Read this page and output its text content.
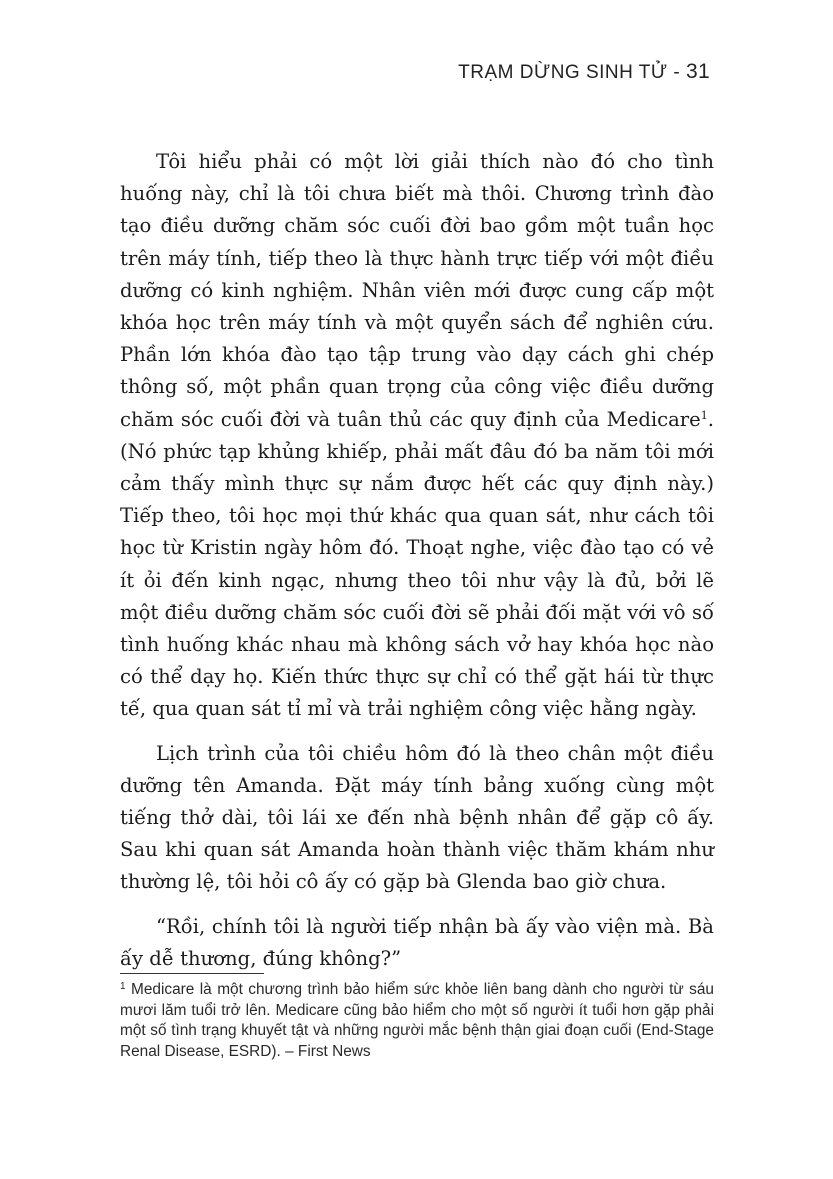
TRẠM DỪNG SINH TỬ - 31

Tôi hiểu phải có một lời giải thích nào đó cho tình huống này, chỉ là tôi chưa biết mà thôi. Chương trình đào tạo điều dưỡng chăm sóc cuối đời bao gồm một tuần học trên máy tính, tiếp theo là thực hành trực tiếp với một điều dưỡng có kinh nghiệm. Nhân viên mới được cung cấp một khóa học trên máy tính và một quyển sách để nghiên cứu. Phần lớn khóa đào tạo tập trung vào dạy cách ghi chép thông số, một phần quan trọng của công việc điều dưỡng chăm sóc cuối đời và tuân thủ các quy định của Medicare$^1$. (Nó phức tạp khủng khiếp, phải mất đâu đó ba năm tôi mới cảm thấy mình thực sự nắm được hết các quy định này.) Tiếp theo, tôi học mọi thứ khác qua quan sát, như cách tôi học từ Kristin ngày hôm đó. Thoạt nghe, việc đào tạo có vẻ ít ỏi đến kinh ngạc, nhưng theo tôi như vậy là đủ, bởi lẽ một điều dưỡng chăm sóc cuối đời sẽ phải đối mặt với vô số tình huống khác nhau mà không sách vở hay khóa học nào có thể dạy họ. Kiến thức thực sự chỉ có thể gặt hái từ thực tế, qua quan sát tỉ mỉ và trải nghiệm công việc hằng ngày.

Lịch trình của tôi chiều hôm đó là theo chân một điều dưỡng tên Amanda. Đặt máy tính bảng xuống cùng một tiếng thở dài, tôi lái xe đến nhà bệnh nhân để gặp cô ấy. Sau khi quan sát Amanda hoàn thành việc thăm khám như thường lệ, tôi hỏi cô ấy có gặp bà Glenda bao giờ chưa.

“Rồi, chính tôi là người tiếp nhận bà ấy vào viện mà. Bà ấy dễ thương, đúng không?”

$^1$ Medicare là một chương trình bảo hiểm sức khỏe liên bang dành cho người từ sáu mươi lăm tuổi trở lên. Medicare cũng bảo hiểm cho một số người ít tuổi hơn gặp phải một số tình trạng khuyết tật và những người mắc bệnh thận giai đoạn cuối (End-Stage Renal Disease, ESRD). – First News
